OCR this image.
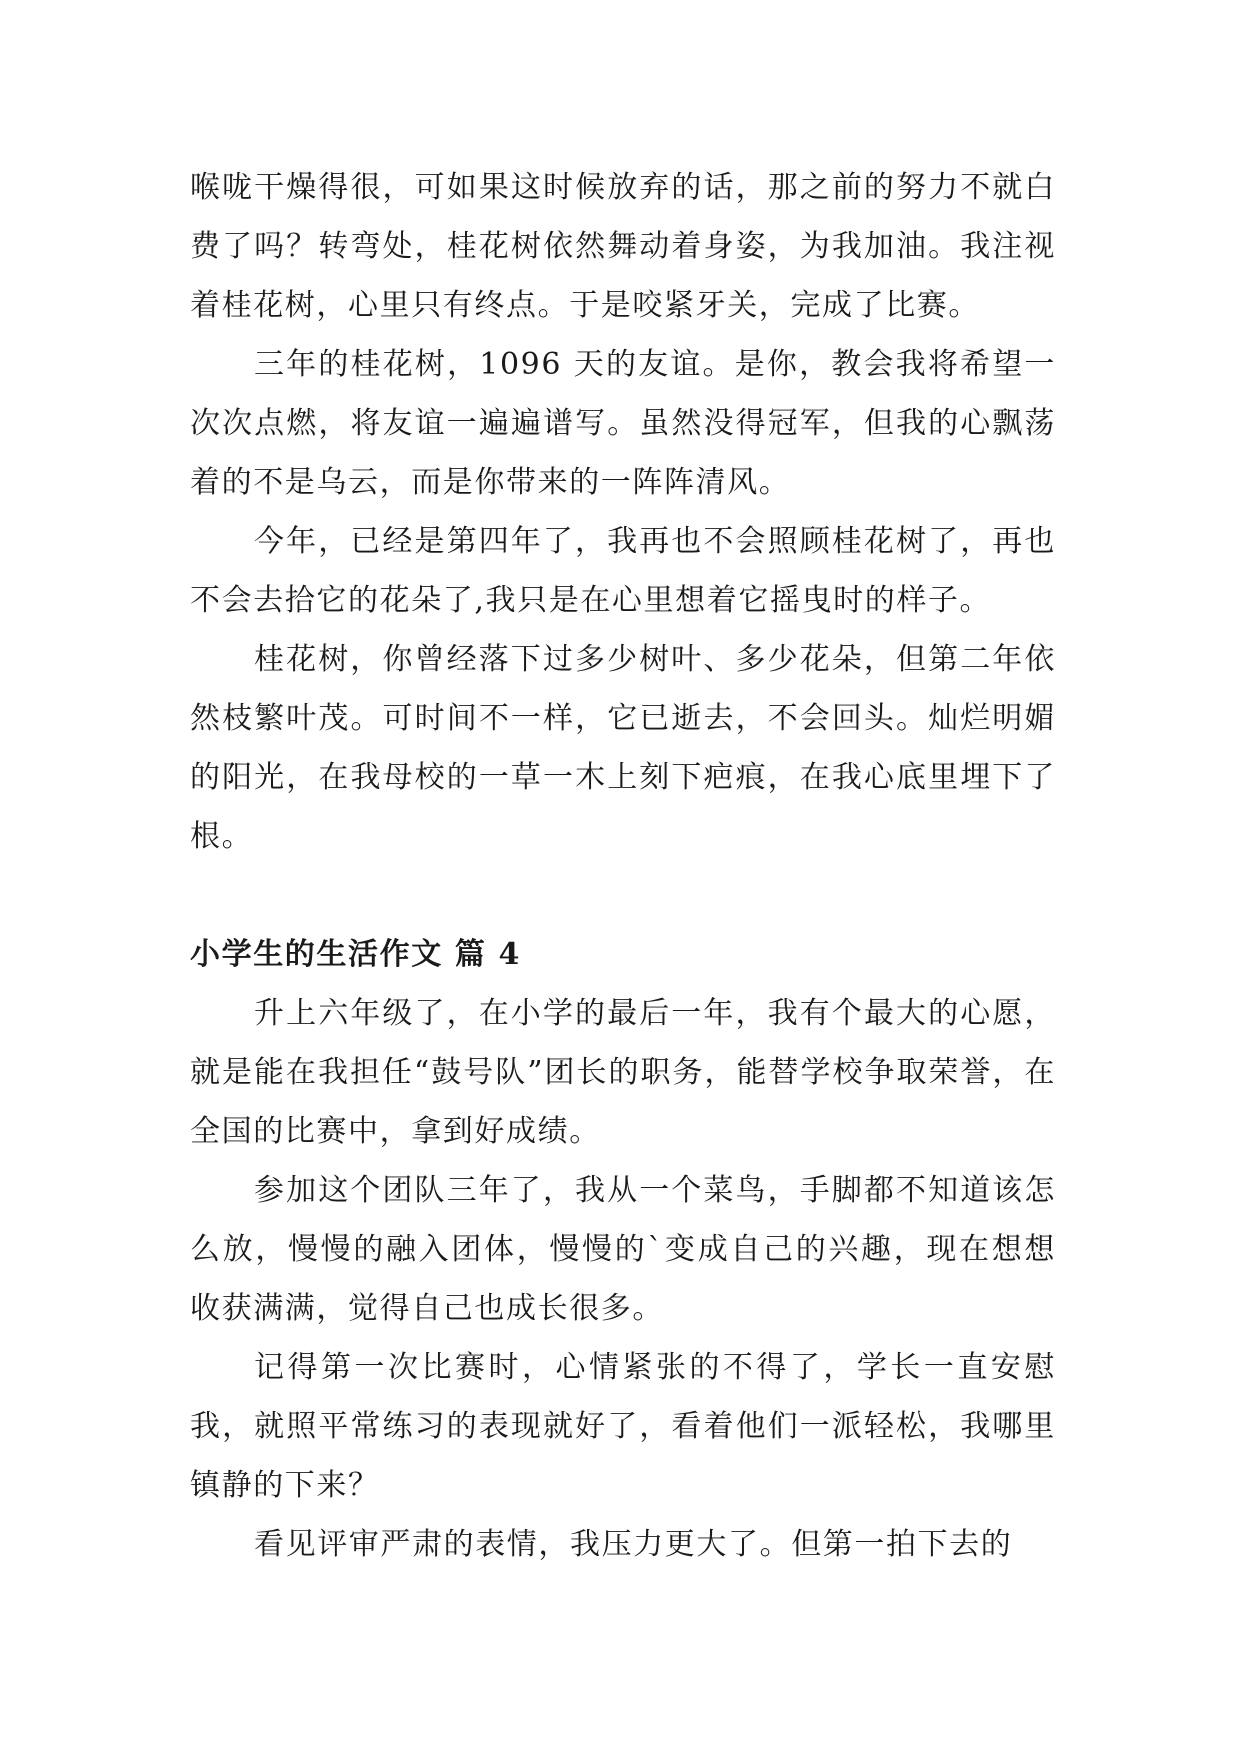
喉咙干燥得很，可如果这时候放弃的话，那之前的努力不就白费了吗？转弯处，桂花树依然舞动着身姿，为我加油。我注视着桂花树，心里只有终点。于是咬紧牙关，完成了比赛。

三年的桂花树，1096 天的友谊。是你，教会我将希望一次次点燃，将友谊一遍遍谱写。虽然没得冠军，但我的心飘荡着的不是乌云，而是你带来的一阵阵清风。

今年，已经是第四年了，我再也不会照顾桂花树了，再也不会去拾它的花朵了,我只是在心里想着它摇曳时的样子。

桂花树，你曾经落下过多少树叶、多少花朵，但第二年依然枝繁叶茂。可时间不一样，它已逝去，不会回头。灿烂明媚的阳光，在我母校的一草一木上刻下疤痕，在我心底里埋下了根。

小学生的生活作文 篇 4

升上六年级了，在小学的最后一年，我有个最大的心愿，就是能在我担任“鼓号队”团长的职务，能替学校争取荣誉，在全国的比赛中，拿到好成绩。

参加这个团队三年了，我从一个菜鸟，手脚都不知道该怎么放，慢慢的融入团体，慢慢的`变成自己的兴趣，现在想想收获满满，觉得自己也成长很多。

记得第一次比赛时，心情紧张的不得了，学长一直安慰我，就照平常练习的表现就好了，看着他们一派轻松，我哪里镇静的下来？

看见评审严肃的表情，我压力更大了。但第一拍下去的
